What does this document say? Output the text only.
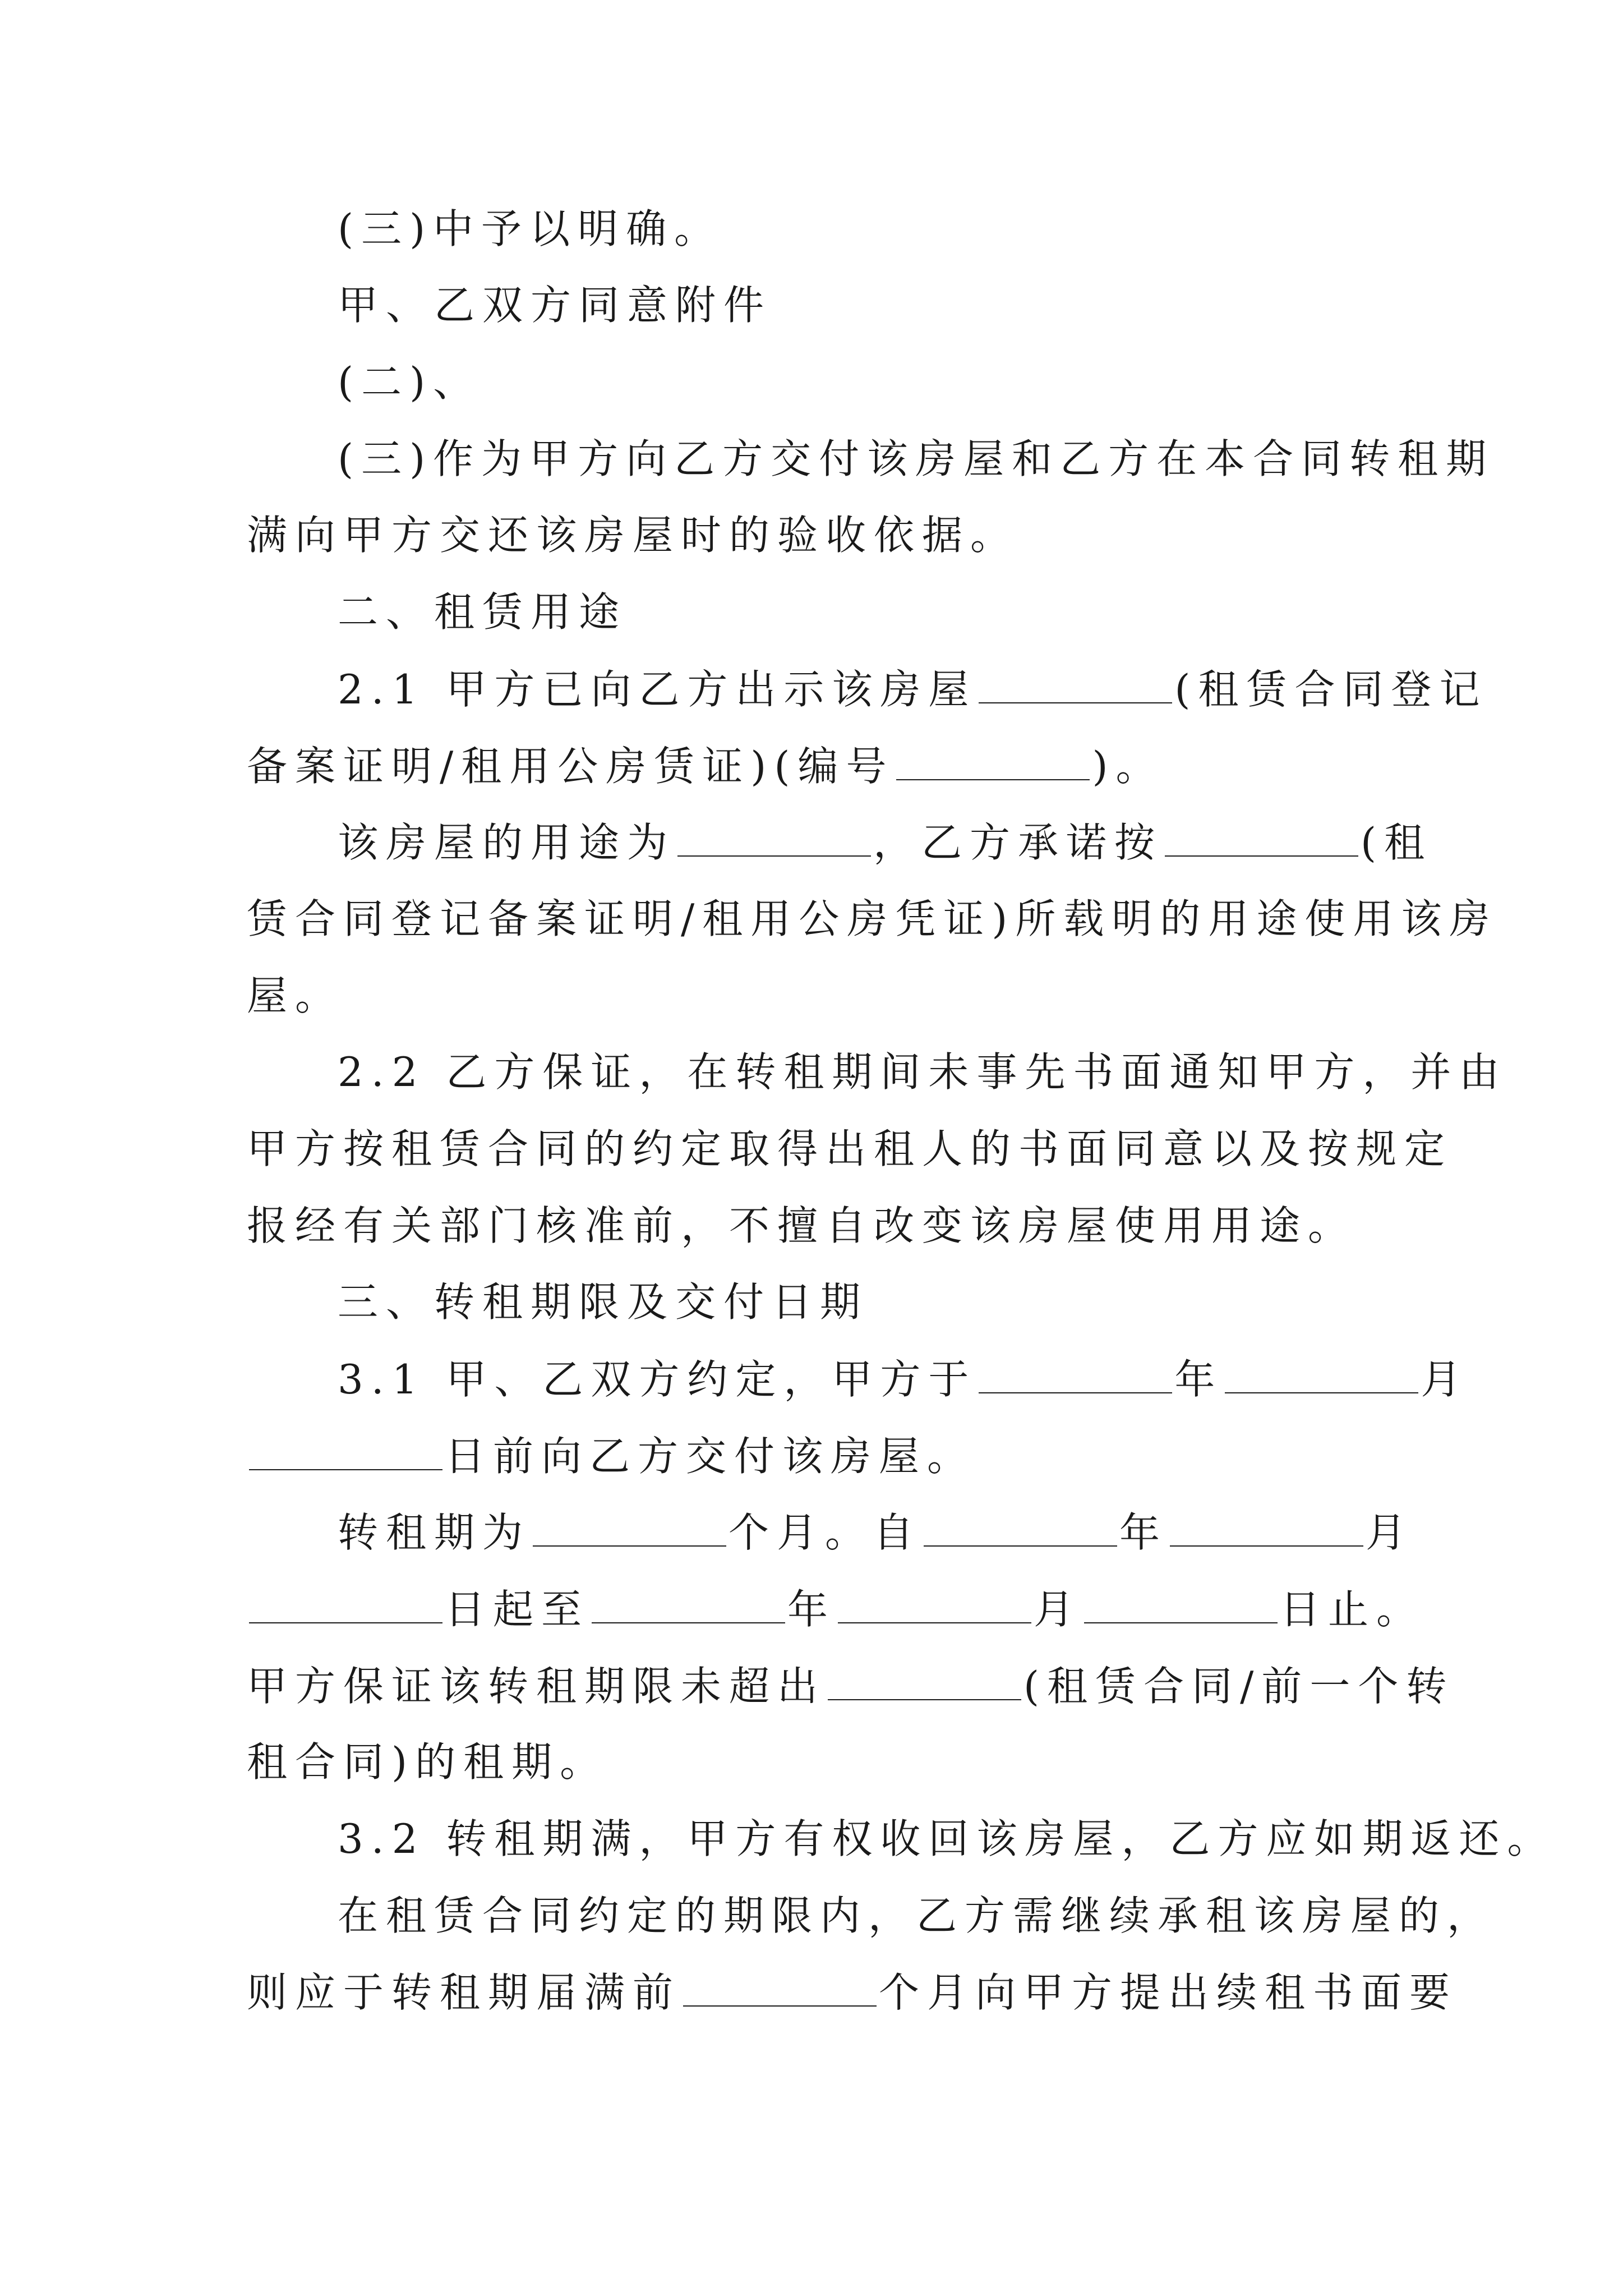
(三)中予以明确。
甲、乙双方同意附件
(二)、
(三)作为甲方向乙方交付该房屋和乙方在本合同转租期
满向甲方交还该房屋时的验收依据。
二、租赁用途
2.1 甲方已向乙方出示该房屋	(租赁合同登记
备案证明/租用公房赁证)(编号	)。
该房屋的用途为	，乙方承诺按	(租
赁合同登记备案证明/租用公房凭证)所载明的用途使用该房
屋。
2.2 乙方保证，在转租期间未事先书面通知甲方，并由
甲方按租赁合同的约定取得出租人的书面同意以及按规定
报经有关部门核准前，不擅自改变该房屋使用用途。
三、转租期限及交付日期
3.1 甲、乙双方约定，甲方于	年	月
日前向乙方交付该房屋。
转租期为	个月。自	年	月
日起至	年	月	日止。
甲方保证该转租期限未超出	(租赁合同/前一个转
租合同)的租期。
3.2 转租期满，甲方有权收回该房屋，乙方应如期返还。
在租赁合同约定的期限内，乙方需继续承租该房屋的，
则应于转租期届满前	个月向甲方提出续租书面要
